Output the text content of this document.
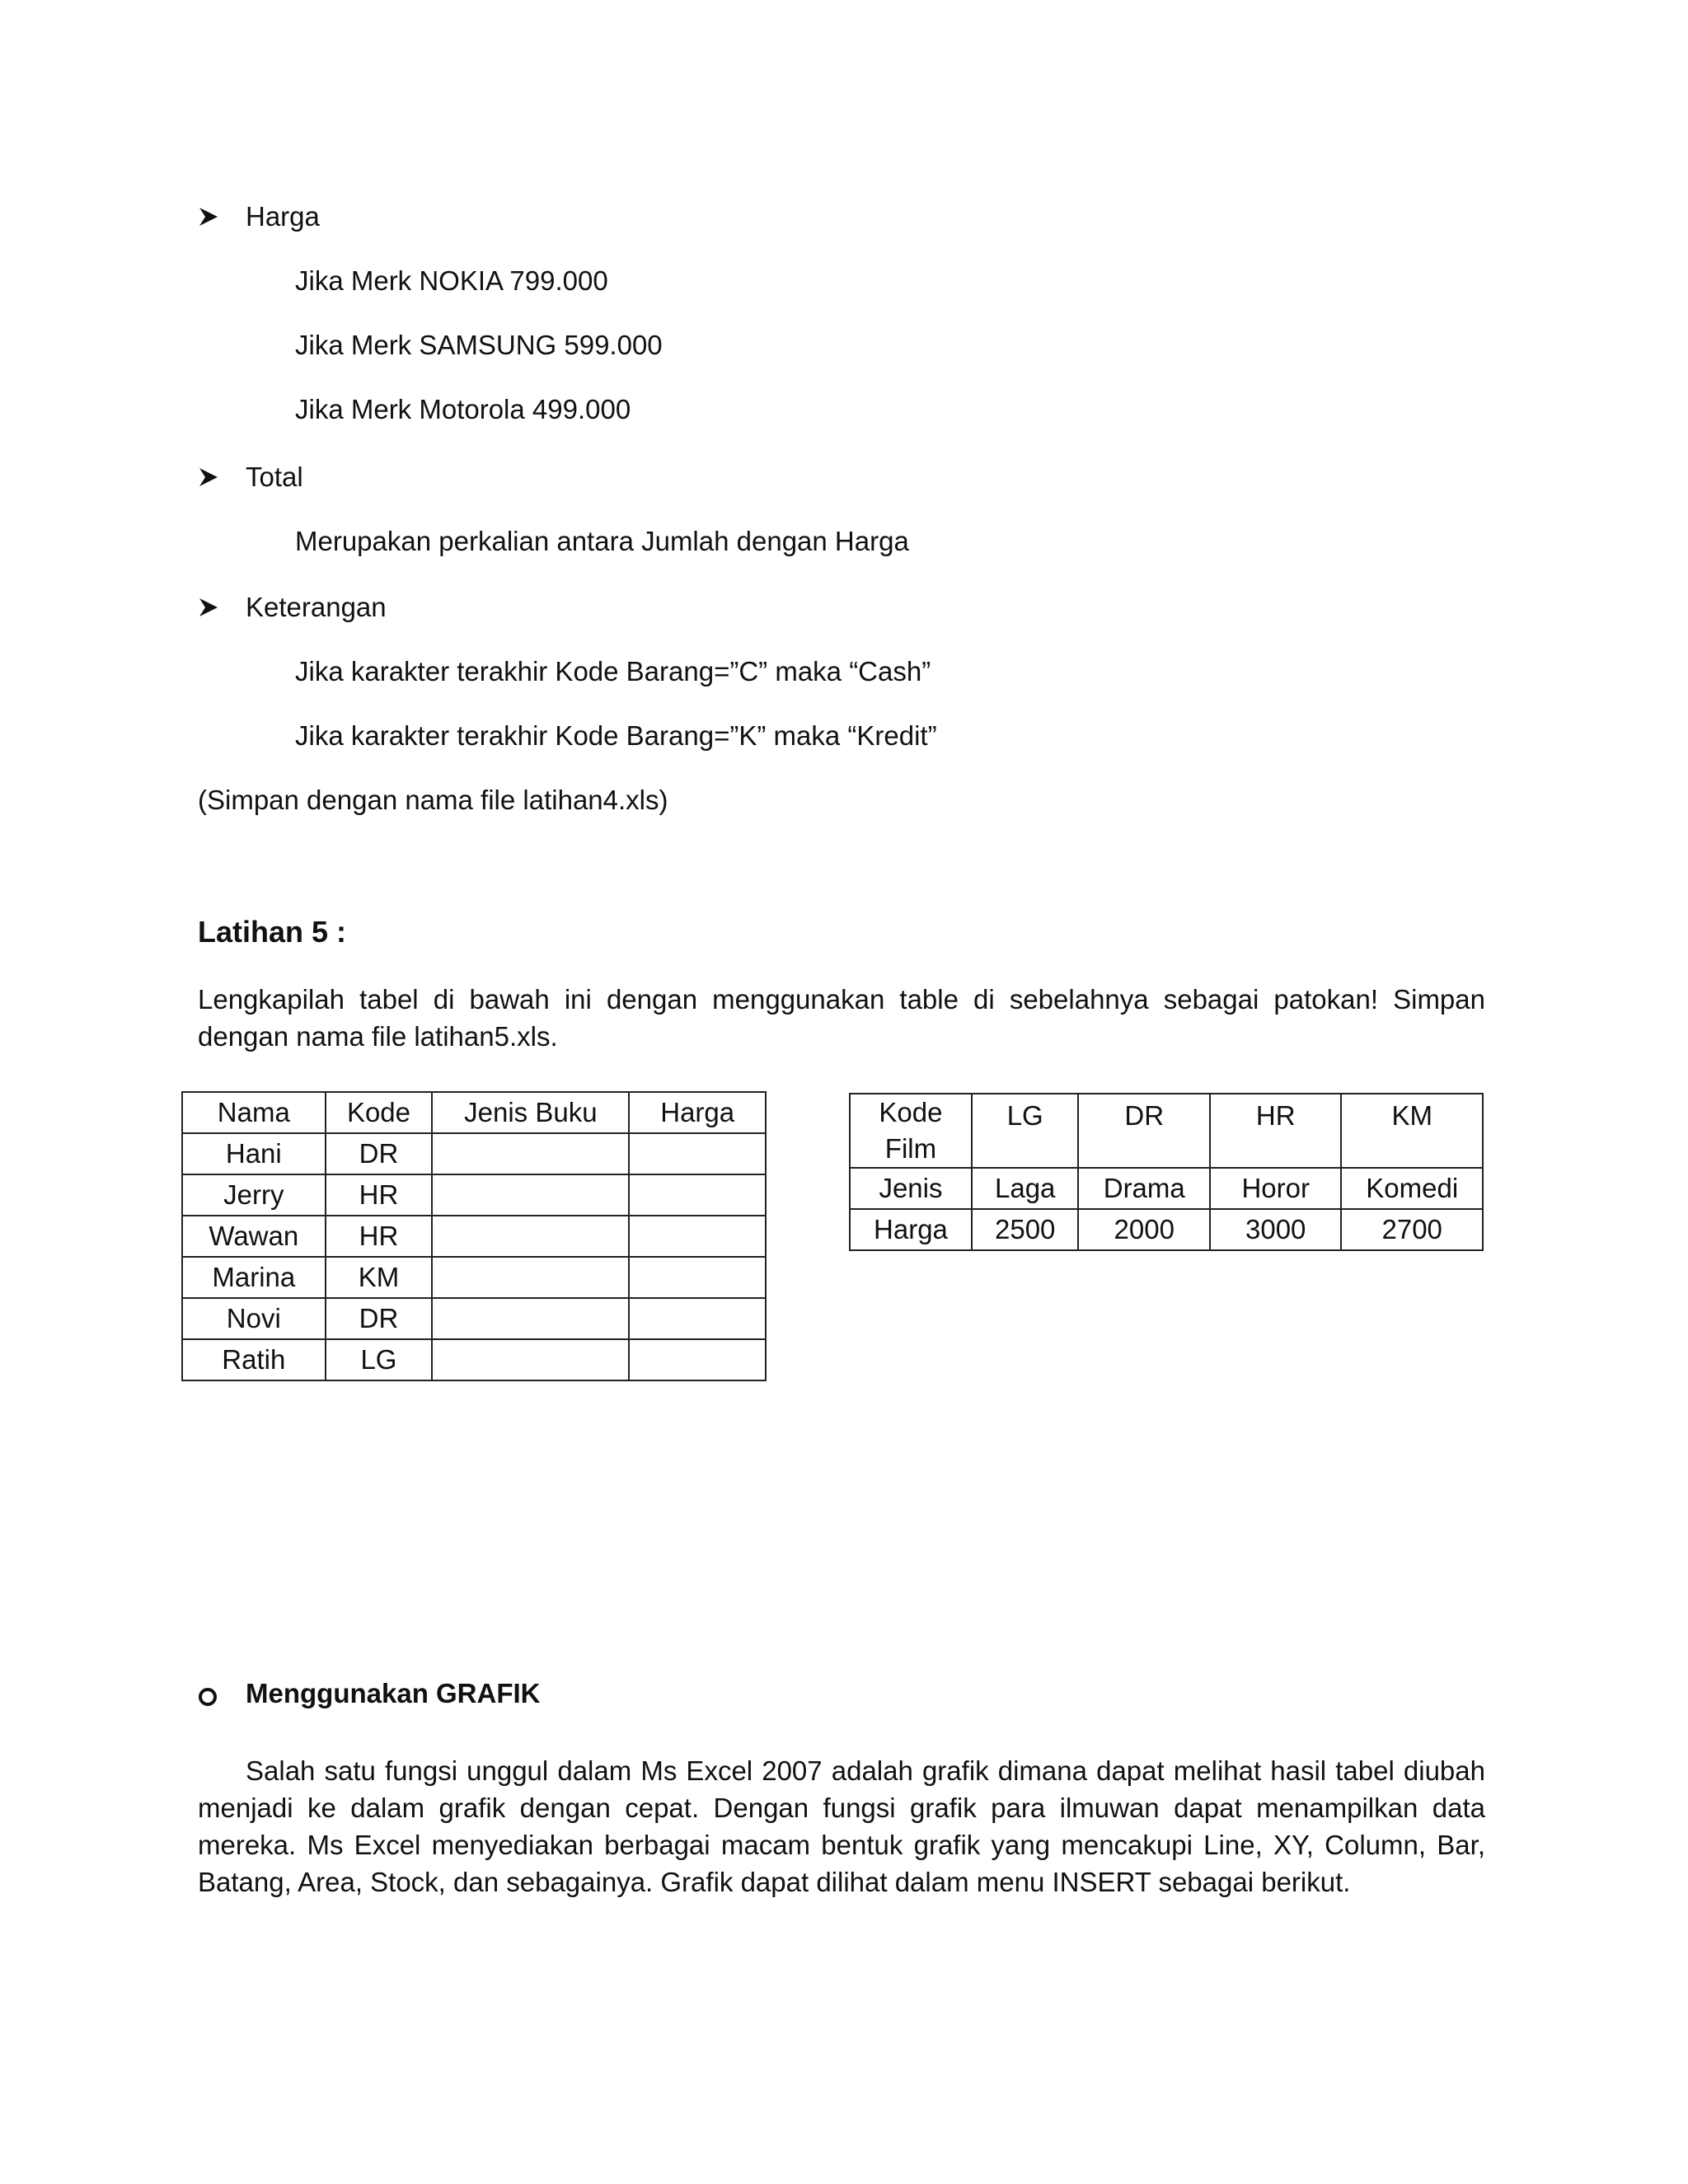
Harga
Jika Merk NOKIA 799.000
Jika Merk SAMSUNG 599.000
Jika Merk Motorola 499.000
Total
Merupakan perkalian antara Jumlah dengan Harga
Keterangan
Jika karakter terakhir Kode Barang=”C” maka “Cash”
Jika karakter terakhir Kode Barang=”K” maka “Kredit”
(Simpan dengan nama file latihan4.xls)
Latihan 5 :
Lengkapilah tabel di bawah ini dengan menggunakan table di sebelahnya sebagai patokan! Simpan dengan nama file latihan5.xls.
Nama	Kode	Jenis Buku	Harga
Hani	DR		
Jerry	HR		
Wawan	HR		
Marina	KM		
Novi	DR		
Ratih	LG		
Kode Film	LG	DR	HR	KM
Jenis	Laga	Drama	Horor	Komedi
Harga	2500	2000	3000	2700
Menggunakan GRAFIK
Salah satu fungsi unggul dalam Ms Excel 2007 adalah grafik dimana dapat melihat hasil tabel diubah menjadi ke dalam grafik dengan cepat. Dengan fungsi grafik para ilmuwan dapat menampilkan data mereka. Ms Excel menyediakan berbagai macam bentuk grafik yang mencakupi Line, XY, Column, Bar, Batang, Area, Stock, dan sebagainya. Grafik dapat dilihat dalam menu INSERT sebagai berikut.
